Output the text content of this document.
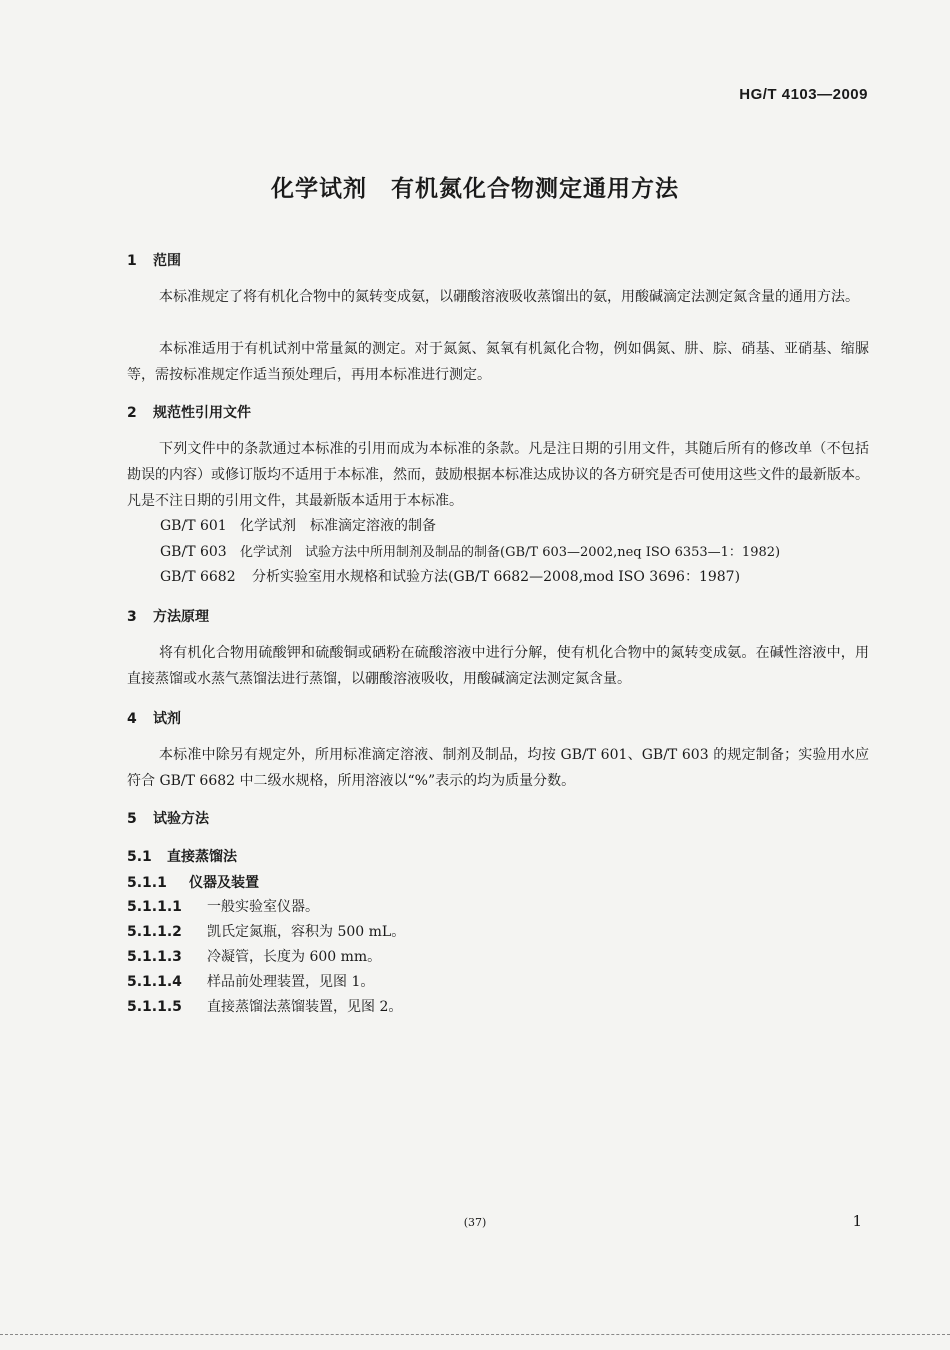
HG/T 4103—2009
化学试剂　有机氮化合物测定通用方法
1 范围
本标准规定了将有机化合物中的氮转变成氨，以硼酸溶液吸收蒸馏出的氨，用酸碱滴定法测定氮含量的通用方法。
本标准适用于有机试剂中常量氮的测定。对于氮氮、氮氧有机氮化合物，例如偶氮、肼、腙、硝基、亚硝基、缩脲等，需按标准规定作适当预处理后，再用本标准进行测定。
2 规范性引用文件
下列文件中的条款通过本标准的引用而成为本标准的条款。凡是注日期的引用文件，其随后所有的修改单（不包括勘误的内容）或修订版均不适用于本标准，然而，鼓励根据本标准达成协议的各方研究是否可使用这些文件的最新版本。凡是不注日期的引用文件，其最新版本适用于本标准。
GB/T 601 化学试剂　标准滴定溶液的制备
GB/T 603 化学试剂　试验方法中所用制剂及制品的制备(GB/T 603—2002,neq ISO 6353—1：1982)
GB/T 6682 分析实验室用水规格和试验方法(GB/T 6682—2008,mod ISO 3696：1987)
3 方法原理
将有机化合物用硫酸钾和硫酸铜或硒粉在硫酸溶液中进行分解，使有机化合物中的氮转变成氨。在碱性溶液中，用直接蒸馏或水蒸气蒸馏法进行蒸馏，以硼酸溶液吸收，用酸碱滴定法测定氮含量。
4 试剂
本标准中除另有规定外，所用标准滴定溶液、制剂及制品，均按 GB/T 601、GB/T 603 的规定制备；实验用水应符合 GB/T 6682 中二级水规格，所用溶液以“%”表示的均为质量分数。
5 试验方法
5.1 直接蒸馏法
5.1.1 仪器及装置
5.1.1.1 一般实验室仪器。
5.1.1.2 凯氏定氮瓶，容积为 500 mL。
5.1.1.3 冷凝管，长度为 600 mm。
5.1.1.4 样品前处理装置，见图 1。
5.1.1.5 直接蒸馏法蒸馏装置，见图 2。
(37)	1
